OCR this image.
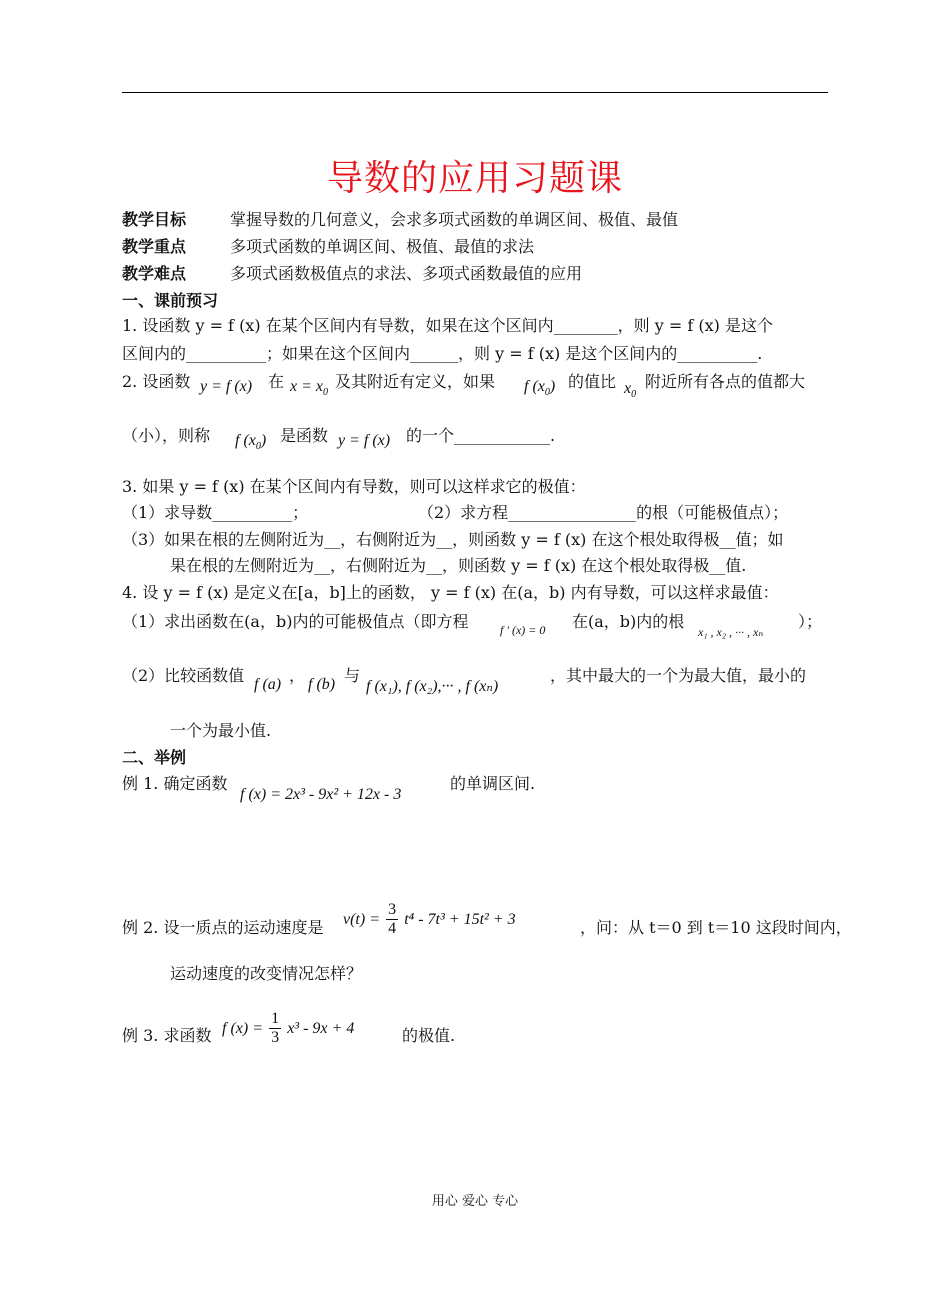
导数的应用习题课
教学目标	掌握导数的几何意义，会求多项式函数的单调区间、极值、最值
教学重点	多项式函数的单调区间、极值、最值的求法
教学难点	多项式函数极值点的求法、多项式函数最值的应用
一、课前预习
1. 设函数 y = f (x) 在某个区间内有导数，如果在这个区间内________，则 y = f (x) 是这个
区间内的__________；如果在这个区间内______，则 y = f (x) 是这个区间内的__________.
2. 设函数 y = f (x) 在 $x = x_0$
及其附近有定义，如果 f $(x_0)$ 的值比 $x_0$
附近所有各点的值都大
（小），则称 f $(x_0)$ 是函数 y = f (x) 的一个____________.
3. 如果 y = f (x) 在某个区间内有导数，则可以这样求它的极值：
（1）求导数__________；	（2）求方程________________的根（可能极值点）；
（3）如果在根的左侧附近为__，右侧附近为__，则函数 y = f (x) 在这个根处取得极__值；如
果在根的左侧附近为__，右侧附近为__，则函数 y = f (x) 在这个根处取得极__值.
4. 设 y = f (x) 是定义在[a，b]上的函数， y = f (x) 在(a，b) 内有导数，可以这样求最值：
（1）求出函数在(a，b)内的可能极值点（即方程	f ′ (x) = 0 在(a，b)内的根
x₁ , x₂ , ··· , xₙ
）；
（2）比较函数值 f (a) ， f (b) 与
f (x₁), f (x₂),··· , f (xₙ)
，其中最大的一个为最大值，最小的
一个为最小值.
二、举例
例 1. 确定函数
f (x) = 2x³ - 9x² + 12x - 3
的单调区间.
例 2. 设一质点的运动速度是 $v(t) = \frac{3}{4} t^4 - 7t^3 + 15t^2 + 3$	，问：从 t＝0 到 t＝10 这段时间内，
运动速度的改变情况怎样？
例 3. 求函数 f $(x) = \frac{1}{3} x^3 - 9x + 4$	的极值.
用心 爱心 专心
